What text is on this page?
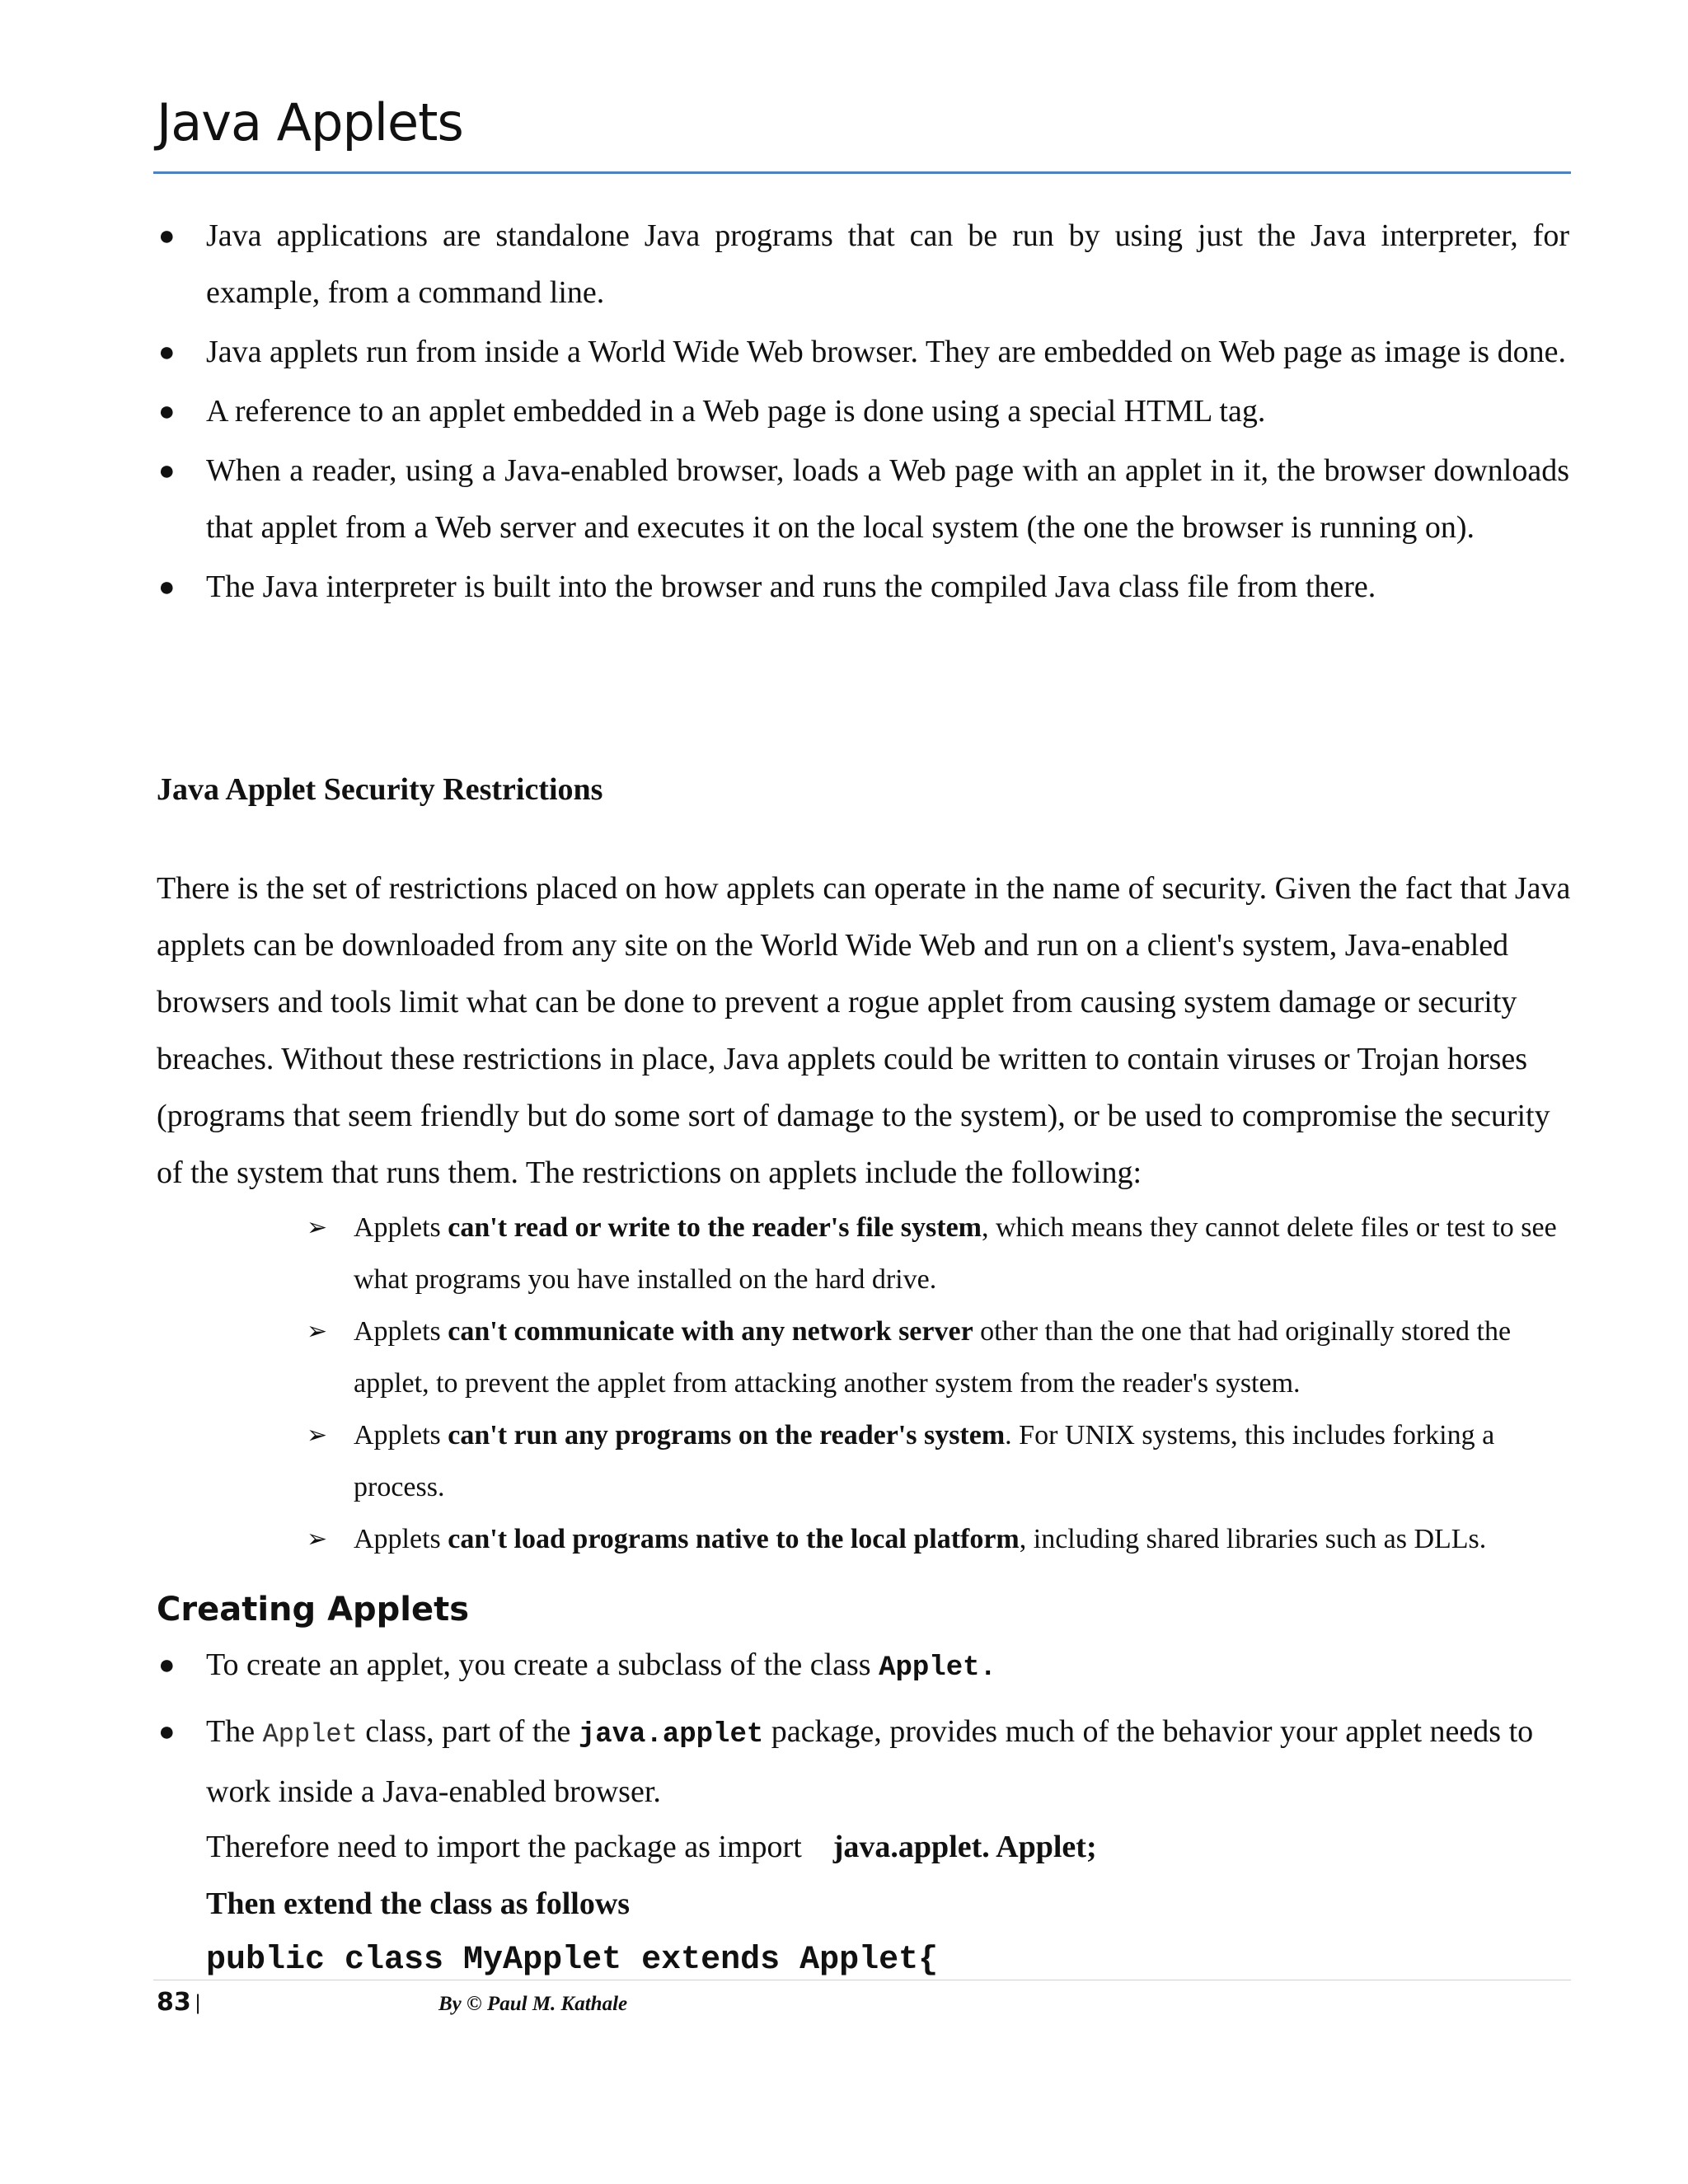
Java Applets
● Java applications are standalone Java programs that can be run by using just the Java interpreter, for example, from a command line.
● Java applets run from inside a World Wide Web browser. They are embedded on Web page as image is done.
● A reference to an applet embedded in a Web page is done using a special HTML tag.
● When a reader, using a Java-enabled browser, loads a Web page with an applet in it, the browser downloads that applet from a Web server and executes it on the local system (the one the browser is running on).
● The Java interpreter is built into the browser and runs the compiled Java class file from there.
Java Applet Security Restrictions

There is the set of restrictions placed on how applets can operate in the name of security. Given the fact that Java applets can be downloaded from any site on the World Wide Web and run on a client's system, Java-enabled browsers and tools limit what can be done to prevent a rogue applet from causing system damage or security breaches. Without these restrictions in place, Java applets could be written to contain viruses or Trojan horses (programs that seem friendly but do some sort of damage to the system), or be used to compromise the security of the system that runs them. The restrictions on applets include the following:

➢ Applets can't read or write to the reader's file system, which means they cannot delete files or test to see what programs you have installed on the hard drive.
➢ Applets can't communicate with any network server other than the one that had originally stored the applet, to prevent the applet from attacking another system from the reader's system.
➢ Applets can't run any programs on the reader's system. For UNIX systems, this includes forking a process.
➢ Applets can't load programs native to the local platform, including shared libraries such as DLLs.
Creating Applets
● To create an applet, you create a subclass of the class Applet.
● The Applet class, part of the java.applet package, provides much of the behavior your applet needs to work inside a Java-enabled browser.
Therefore need to import the package as import java.applet. Applet;
Then extend the class as follows
public class MyApplet extends Applet{
83 |	By © Paul M. Kathale
